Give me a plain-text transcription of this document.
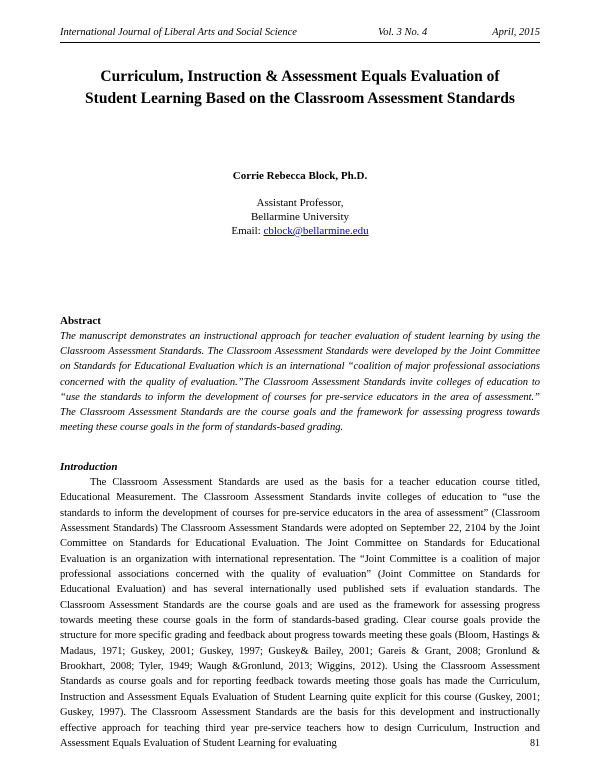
International Journal of Liberal Arts and Social Science	Vol. 3 No. 4	April, 2015
Curriculum, Instruction & Assessment Equals Evaluation of
Student Learning Based on the Classroom Assessment Standards
Corrie Rebecca Block, Ph.D.
Assistant Professor,
Bellarmine University
Email: cblock@bellarmine.edu
Abstract
The manuscript demonstrates an instructional approach for teacher evaluation of student learning by using the Classroom Assessment Standards. The Classroom Assessment Standards were developed by the Joint Committee on Standards for Educational Evaluation which is an international “coalition of major professional associations concerned with the quality of evaluation.”The Classroom Assessment Standards invite colleges of education to “use the standards to inform the development of courses for pre-service educators in the area of assessment.” The Classroom Assessment Standards are the course goals and the framework for assessing progress towards meeting these course goals in the form of standards-based grading.
Introduction
The Classroom Assessment Standards are used as the basis for a teacher education course titled, Educational Measurement. The Classroom Assessment Standards invite colleges of education to “use the standards to inform the development of courses for pre-service educators in the area of assessment” (Classroom Assessment Standards) The Classroom Assessment Standards were adopted on September 22, 2104 by the Joint Committee on Standards for Educational Evaluation. The Joint Committee on Standards for Educational Evaluation is an organization with international representation. The “Joint Committee is a coalition of major professional associations concerned with the quality of evaluation” (Joint Committee on Standards for Educational Evaluation) and has several internationally used published sets if evaluation standards. The Classroom Assessment Standards are the course goals and are used as the framework for assessing progress towards meeting these course goals in the form of standards-based grading. Clear course goals provide the structure for more specific grading and feedback about progress towards meeting these goals (Bloom, Hastings & Madaus, 1971; Guskey, 2001; Guskey, 1997; Guskey& Bailey, 2001; Gareis & Grant, 2008; Gronlund & Brookhart, 2008; Tyler, 1949; Waugh &Gronlund, 2013; Wiggins, 2012). Using the Classroom Assessment Standards as course goals and for reporting feedback towards meeting those goals has made the Curriculum, Instruction and Assessment Equals Evaluation of Student Learning quite explicit for this course (Guskey, 2001; Guskey, 1997). The Classroom Assessment Standards are the basis for this development and instructionally effective approach for teaching third year pre-service teachers how to design Curriculum, Instruction and Assessment Equals Evaluation of Student Learning for evaluating	81
